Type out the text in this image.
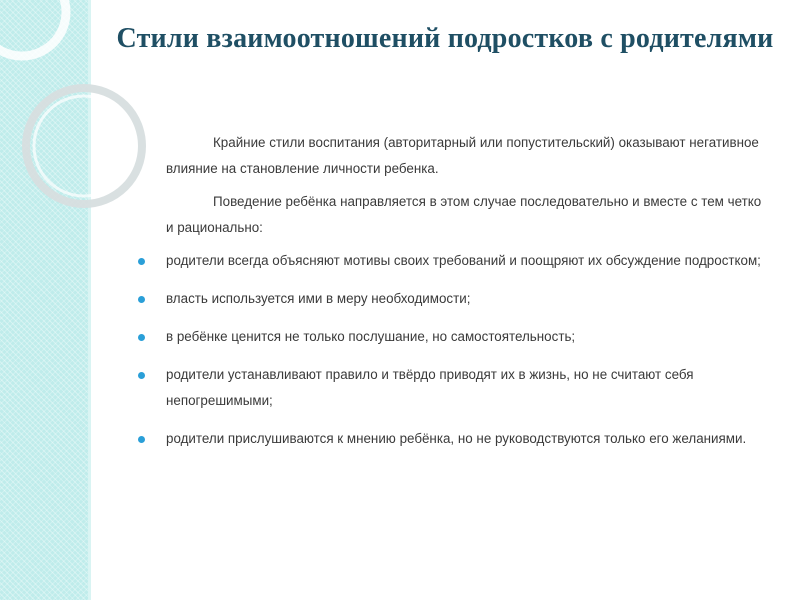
Стили взаимоотношений подростков с родителями

Крайние стили воспитания (авторитарный или попустительский) оказывают негативное влияние на становление личности ребенка.

Поведение ребёнка направляется в этом случае последовательно и вместе с тем четко и рационально:

родители всегда объясняют мотивы своих требований и поощряют их обсуждение подростком;
власть используется ими в меру необходимости;
в ребёнке ценится не только послушание, но самостоятельность;
родители устанавливают правило и твёрдо приводят их в жизнь, но не считают себя непогрешимыми;
родители прислушиваются к мнению ребёнка, но не руководствуются только его желаниями.
